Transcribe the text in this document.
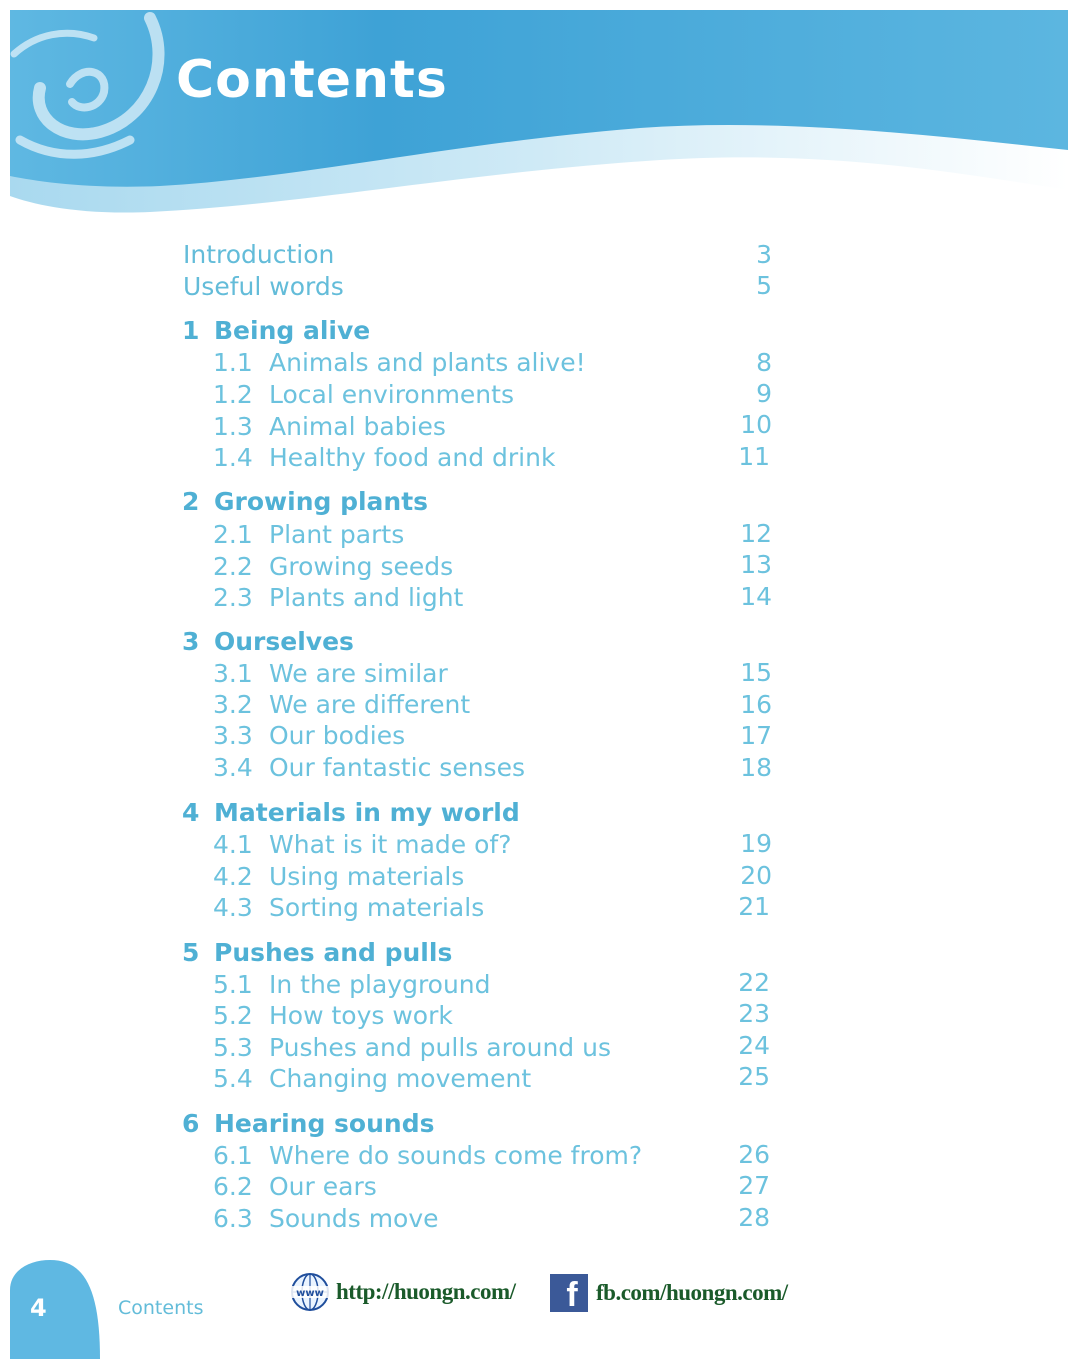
Contents
Introduction	3
Useful words	5
1 Being alive
1.1 Animals and plants alive!	8
1.2 Local environments	9
1.3 Animal babies	10
1.4 Healthy food and drink	11
2 Growing plants
2.1 Plant parts	12
2.2 Growing seeds	13
2.3 Plants and light	14
3 Ourselves
3.1 We are similar	15
3.2 We are different	16
3.3 Our bodies	17
3.4 Our fantastic senses	18
4 Materials in my world
4.1 What is it made of?	19
4.2 Using materials	20
4.3 Sorting materials	21
5 Pushes and pulls
5.1 In the playground	22
5.2 How toys work	23
5.3 Pushes and pulls around us	24
5.4 Changing movement	25
6 Hearing sounds
6.1 Where do sounds come from?	26
6.2 Our ears	27
6.3 Sounds move	28
4	Contents
www http://huongn.com/ f fb.com/huongn.com/
